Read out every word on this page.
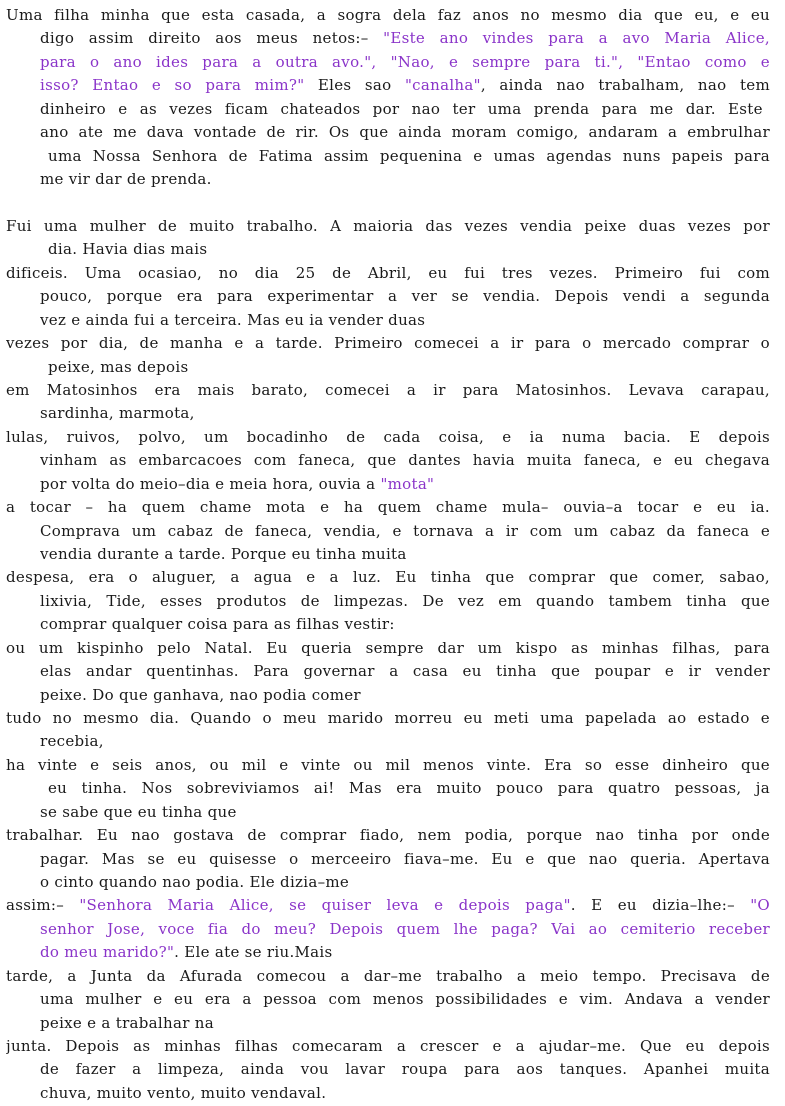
Uma filha minha que esta casada, a sogra dela faz anos no mesmo dia que eu, e eu
digo assim direito aos meus netos:– "Este ano vindes para a avo Maria Alice,
para o ano ides para a outra avo.", "Nao, e sempre para ti.", "Entao como e
isso? Entao e so para mim?" Eles sao "canalha", ainda nao trabalham, nao tem
dinheiro e as vezes ficam chateados por nao ter uma prenda para me dar. Este
ano ate me dava vontade de rir. Os que ainda moram comigo, andaram a embrulhar
uma Nossa Senhora de Fatima assim pequenina e umas agendas nuns papeis para
me vir dar de prenda.
Fui uma mulher de muito trabalho. A maioria das vezes vendia peixe duas vezes por
dia. Havia dias mais
dificeis. Uma ocasiao, no dia 25 de Abril, eu fui tres vezes. Primeiro fui com
pouco, porque era para experimentar a ver se vendia. Depois vendi a segunda
vez e ainda fui a terceira. Mas eu ia vender duas
vezes por dia, de manha e a tarde. Primeiro comecei a ir para o mercado comprar o
peixe, mas depois
em Matosinhos era mais barato, comecei a ir para Matosinhos. Levava carapau,
sardinha, marmota,
lulas, ruivos, polvo, um bocadinho de cada coisa, e ia numa bacia. E depois
vinham as embarcacoes com faneca, que dantes havia muita faneca, e eu chegava
por volta do meio–dia e meia hora, ouvia a "mota"
a tocar – ha quem chame mota e ha quem chame mula– ouvia–a tocar e eu ia.
Comprava um cabaz de faneca, vendia, e tornava a ir com um cabaz da faneca e
vendia durante a tarde. Porque eu tinha muita
despesa, era o aluguer, a agua e a luz. Eu tinha que comprar que comer, sabao,
lixivia, Tide, esses produtos de limpezas. De vez em quando tambem tinha que
comprar qualquer coisa para as filhas vestir:
ou um kispinho pelo Natal. Eu queria sempre dar um kispo as minhas filhas, para
elas andar quentinhas. Para governar a casa eu tinha que poupar e ir vender
peixe. Do que ganhava, nao podia comer
tudo no mesmo dia. Quando o meu marido morreu eu meti uma papelada ao estado e
recebia,
ha vinte e seis anos, ou mil e vinte ou mil menos vinte. Era so esse dinheiro que
eu tinha. Nos sobreviviamos ai! Mas era muito pouco para quatro pessoas, ja
se sabe que eu tinha que
trabalhar. Eu nao gostava de comprar fiado, nem podia, porque nao tinha por onde
pagar. Mas se eu quisesse o merceeiro fiava–me. Eu e que nao queria. Apertava
o cinto quando nao podia. Ele dizia–me
assim:– "Senhora Maria Alice, se quiser leva e depois paga". E eu dizia–lhe:– "O
senhor Jose, voce fia do meu? Depois quem lhe paga? Vai ao cemiterio receber
do meu marido?". Ele ate se riu.Mais
tarde, a Junta da Afurada comecou a dar–me trabalho a meio tempo. Precisava de
uma mulher e eu era a pessoa com menos possibilidades e vim. Andava a vender
peixe e a trabalhar na
junta. Depois as minhas filhas comecaram a crescer e a ajudar–me. Que eu depois
de fazer a limpeza, ainda vou lavar roupa para aos tanques. Apanhei muita
chuva, muito vento, muito vendaval.
